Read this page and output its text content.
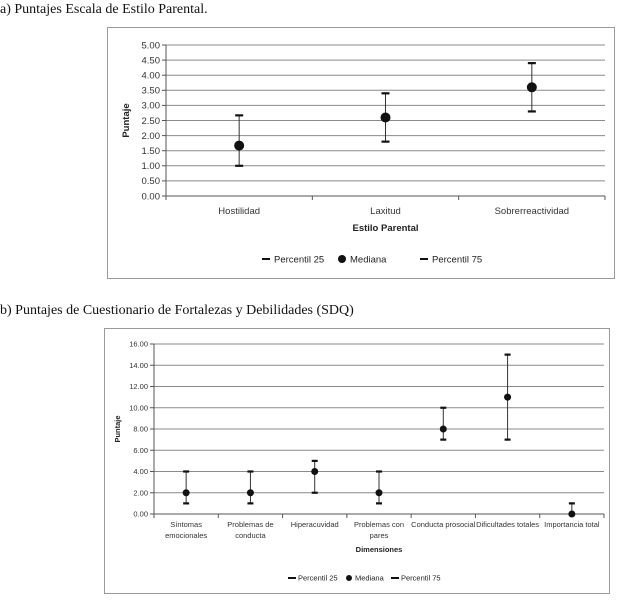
a) Puntajes Escala de Estilo Parental.
0.00
0.50
1.00
1.50
2.00
2.50
3.00
3.50
4.00
4.50
5.00
Hostilidad	Laxitud	Sobrerreactividad
Estilo Parental
Puntaje
Percentil 25	Mediana	Percentil 75
b) Puntajes de Cuestionario de Fortalezas y Debilidades (SDQ)
0.00
2.00
4.00
6.00
8.00
10.00
12.00
14.00
16.00
Síntomas
emocionales
Problemas de
conducta
Hiperacuvidad Problemas con
pares
Conducta prosocial Dificultades totales Importancia total
Dimensiones
Puntaje
Percentil 25 Mediana Percentil 75
